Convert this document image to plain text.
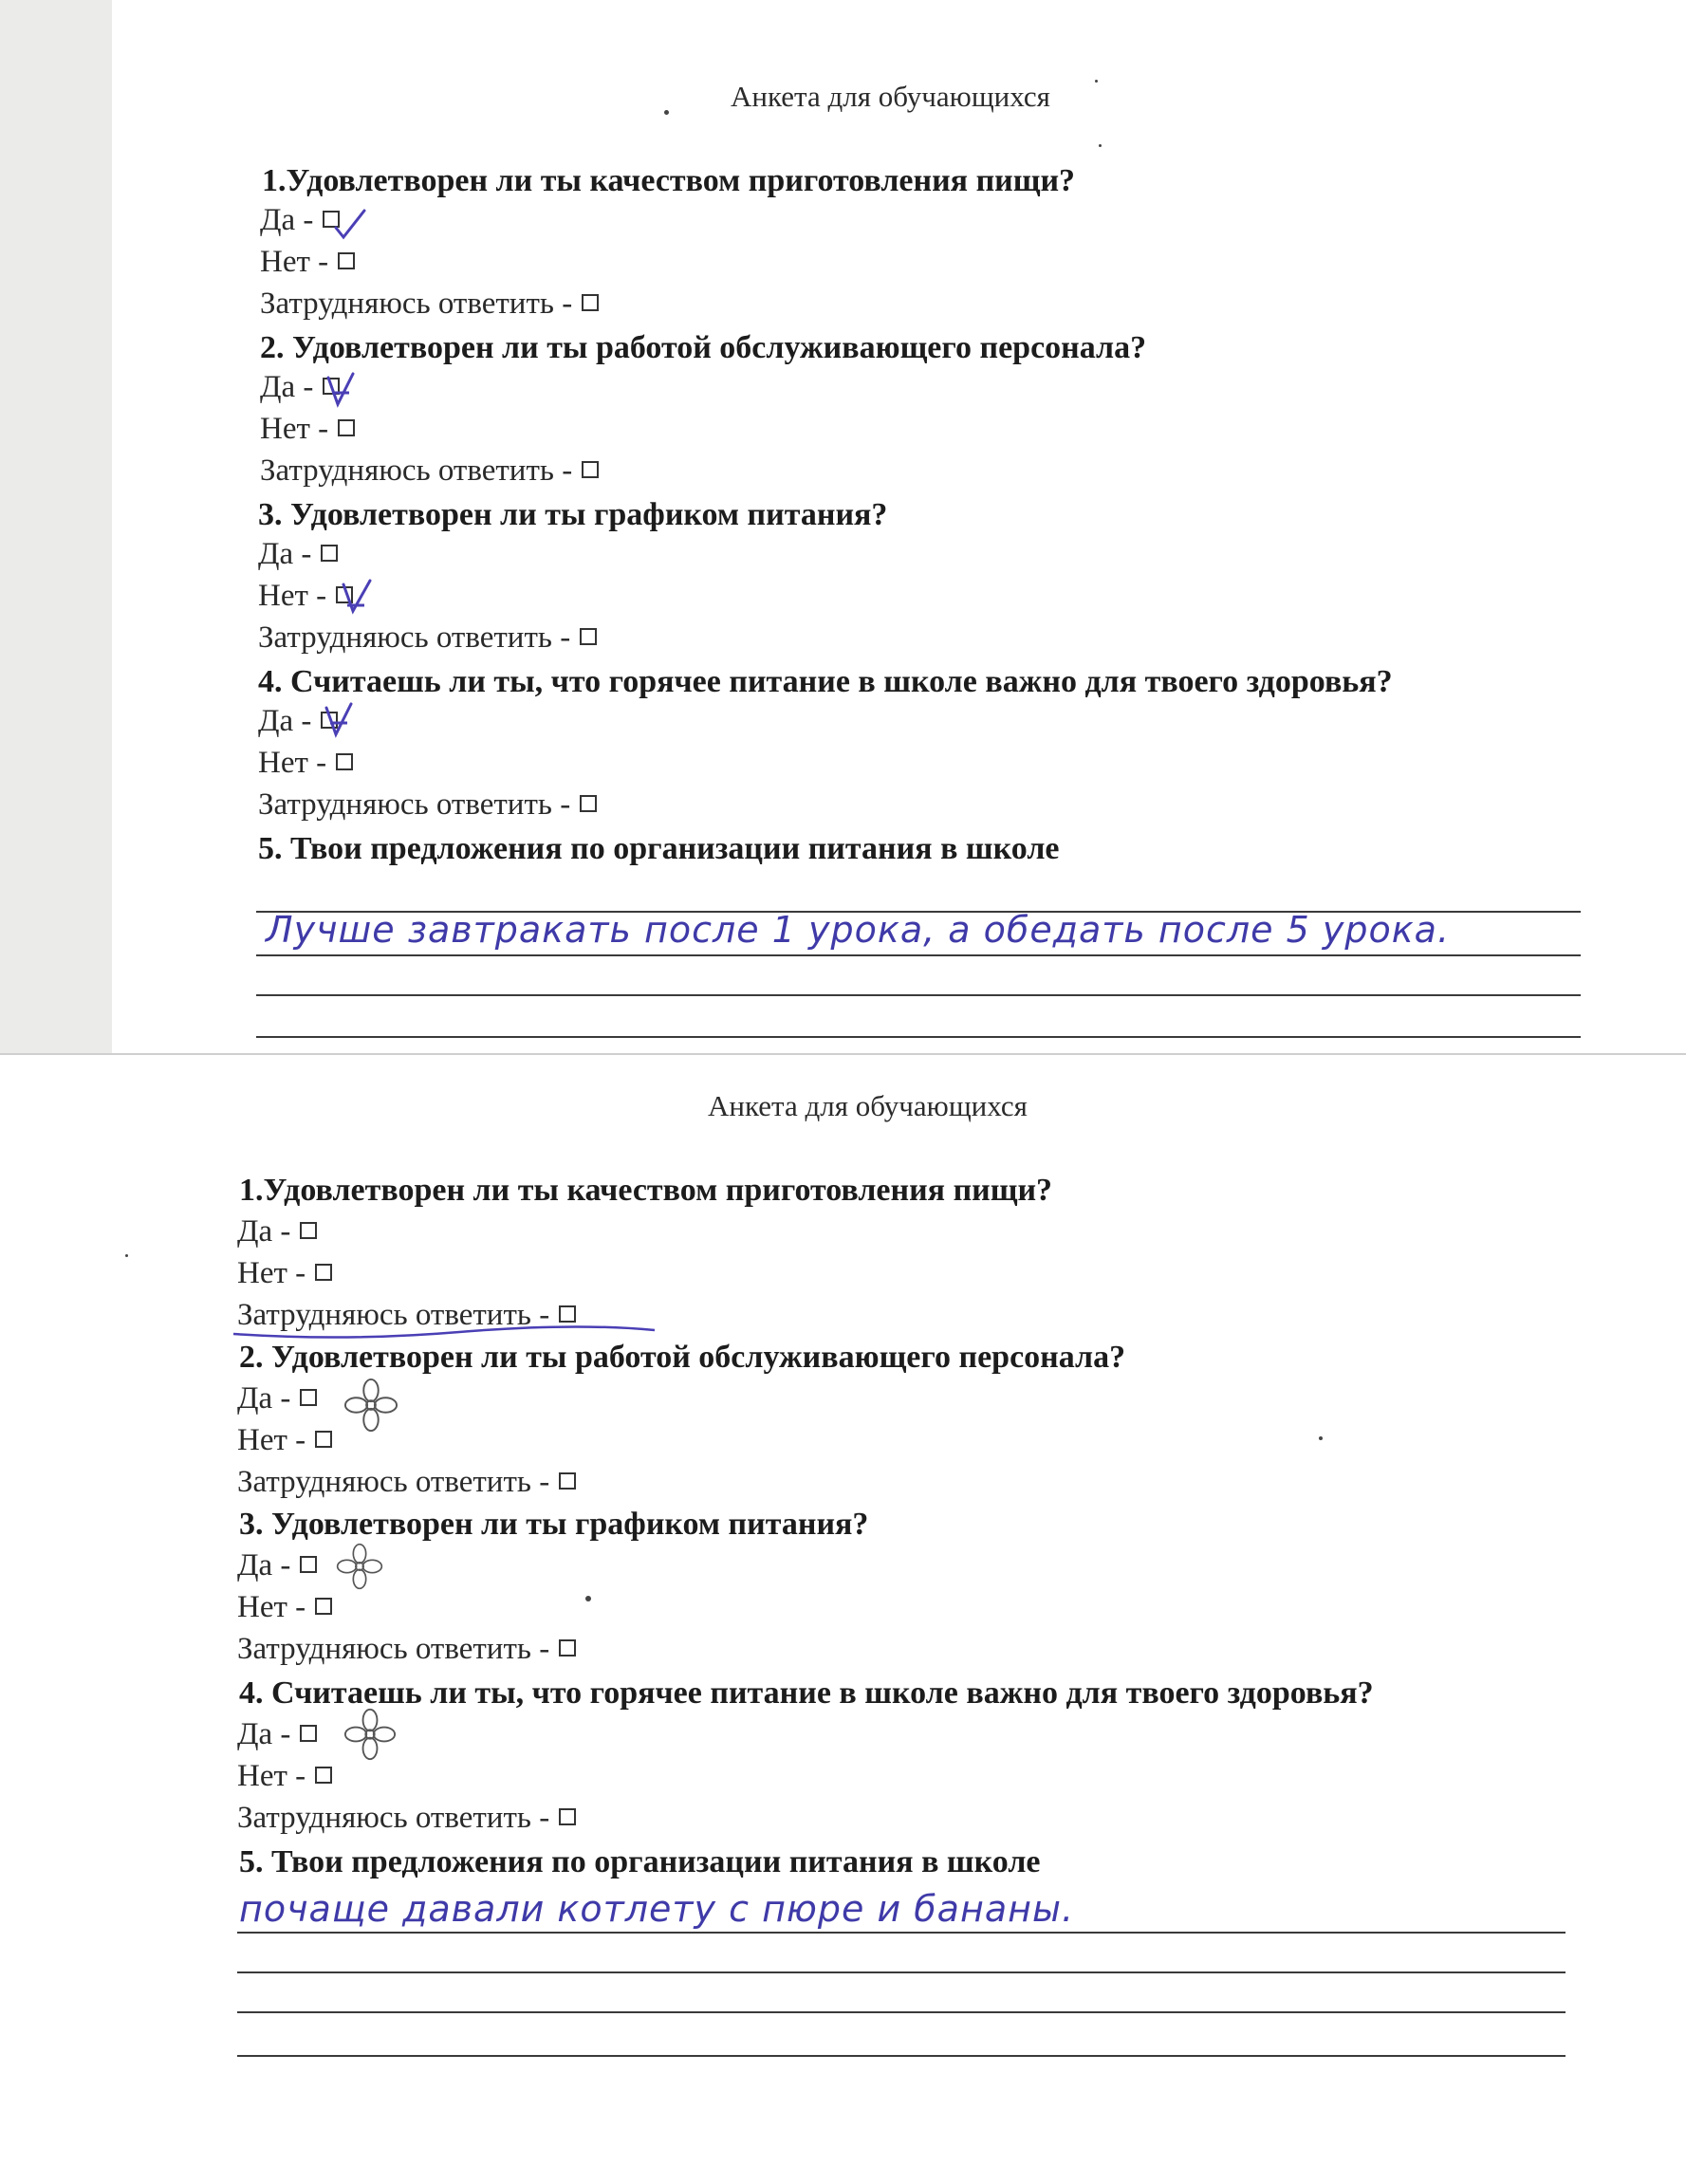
Анкета для обучающихся
1.Удовлетворен ли ты качеством приготовления пищи?
Да -
Нет -
Затрудняюсь ответить -
2. Удовлетворен ли ты работой обслуживающего персонала?
Да -
Нет -
Затрудняюсь ответить -
3. Удовлетворен ли ты графиком питания?
Да -
Нет -
Затрудняюсь ответить -
4. Считаешь ли ты, что горячее питание в школе важно для твоего здоровья?
Да -
Нет -
Затрудняюсь ответить -
5. Твои предложения по организации питания в школе
Лучше завтракать после 1 урока, а обедать после 5 урока.
Анкета для обучающихся
1.Удовлетворен ли ты качеством приготовления пищи?
Да -
Нет -
Затрудняюсь ответить -
2. Удовлетворен ли ты работой обслуживающего персонала?
Да -
Нет -
Затрудняюсь ответить -
3. Удовлетворен ли ты графиком питания?
Да -
Нет -
Затрудняюсь ответить -
4. Считаешь ли ты, что горячее питание в школе важно для твоего здоровья?
Да -
Нет -
Затрудняюсь ответить -
5. Твои предложения по организации питания в школе
почаще давали котлету с пюре и бананы.
